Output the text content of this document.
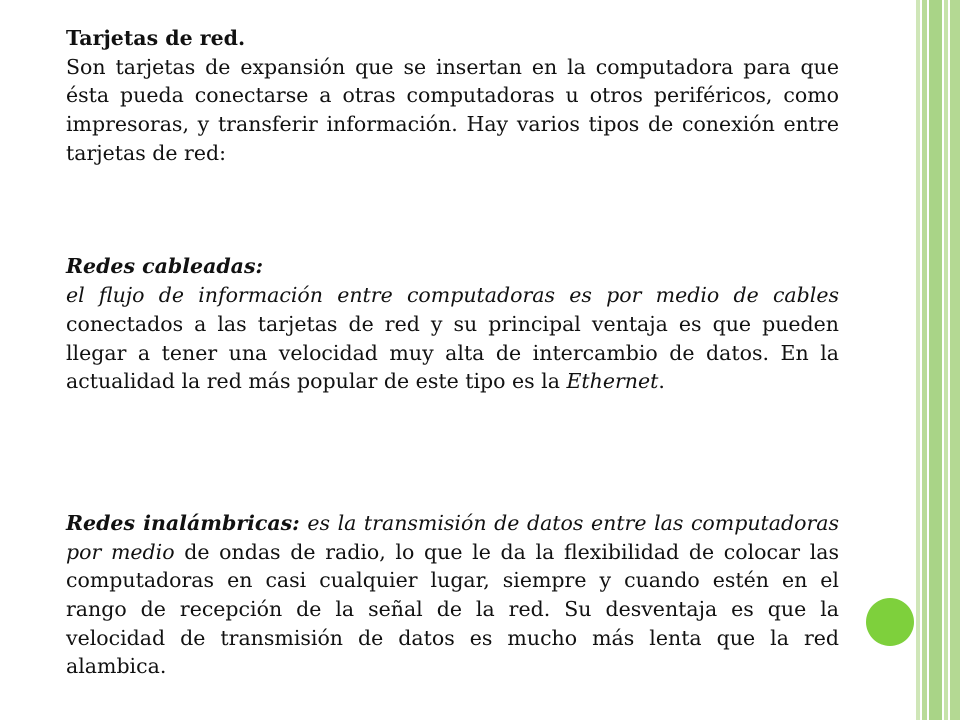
Tarjetas de red.
Son tarjetas de expansión que se insertan en la computadora para que ésta pueda conectarse a otras computadoras u otros periféricos, como impresoras, y transferir información. Hay varios tipos de conexión entre tarjetas de red:

Redes cableadas:
el flujo de información entre computadoras es por medio de cables conectados a las tarjetas de red y su principal ventaja es que pueden llegar a tener una velocidad muy alta de intercambio de datos. En la actualidad la red más popular de este tipo es la Ethernet.

Redes inalámbricas: es la transmisión de datos entre las computadoras por medio de ondas de radio, lo que le da la flexibilidad de colocar las computadoras en casi cualquier lugar, siempre y cuando estén en el rango de recepción de la señal de la red. Su desventaja es que la velocidad de transmisión de datos es mucho más lenta que la red alambica.
